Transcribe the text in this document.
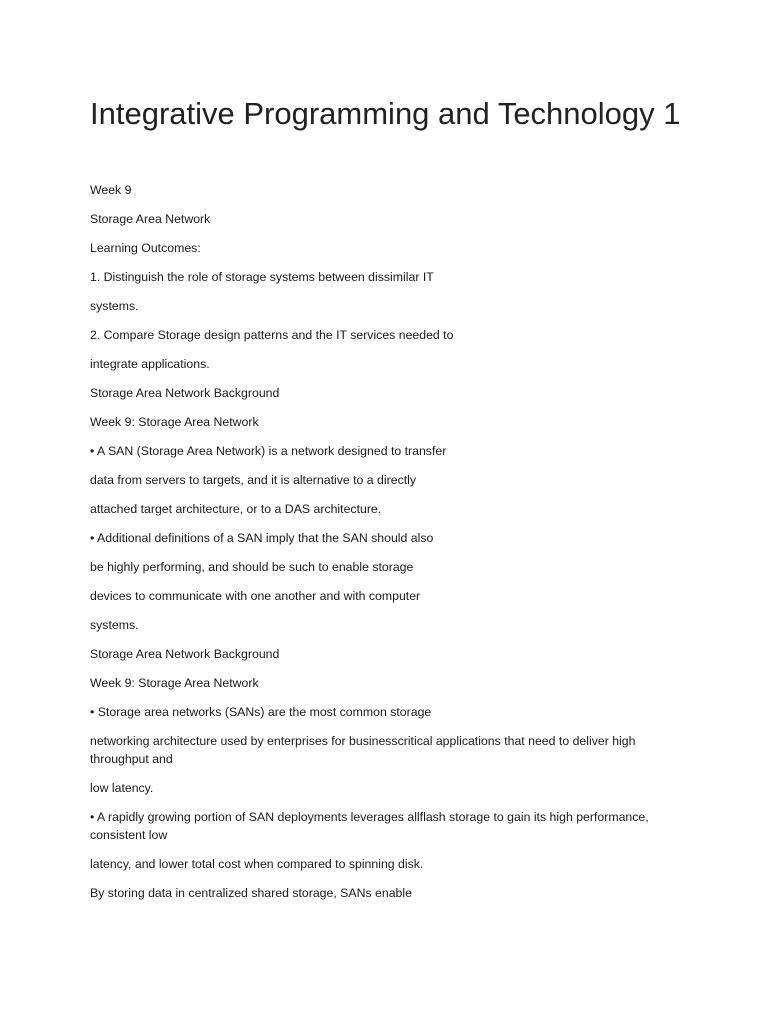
Integrative Programming and Technology 1

Week 9

Storage Area Network

Learning Outcomes:

1. Distinguish the role of storage systems between dissimilar IT

systems.

2. Compare Storage design patterns and the IT services needed to

integrate applications.

Storage Area Network Background

Week 9: Storage Area Network

• A SAN (Storage Area Network) is a network designed to transfer

data from servers to targets, and it is alternative to a directly

attached target architecture, or to a DAS architecture.

• Additional definitions of a SAN imply that the SAN should also

be highly performing, and should be such to enable storage

devices to communicate with one another and with computer

systems.

Storage Area Network Background

Week 9: Storage Area Network

• Storage area networks (SANs) are the most common storage

networking architecture used by enterprises for businesscritical applications that need to deliver high throughput and

low latency.

• A rapidly growing portion of SAN deployments leverages allflash storage to gain its high performance, consistent low

latency, and lower total cost when compared to spinning disk.

By storing data in centralized shared storage, SANs enable
